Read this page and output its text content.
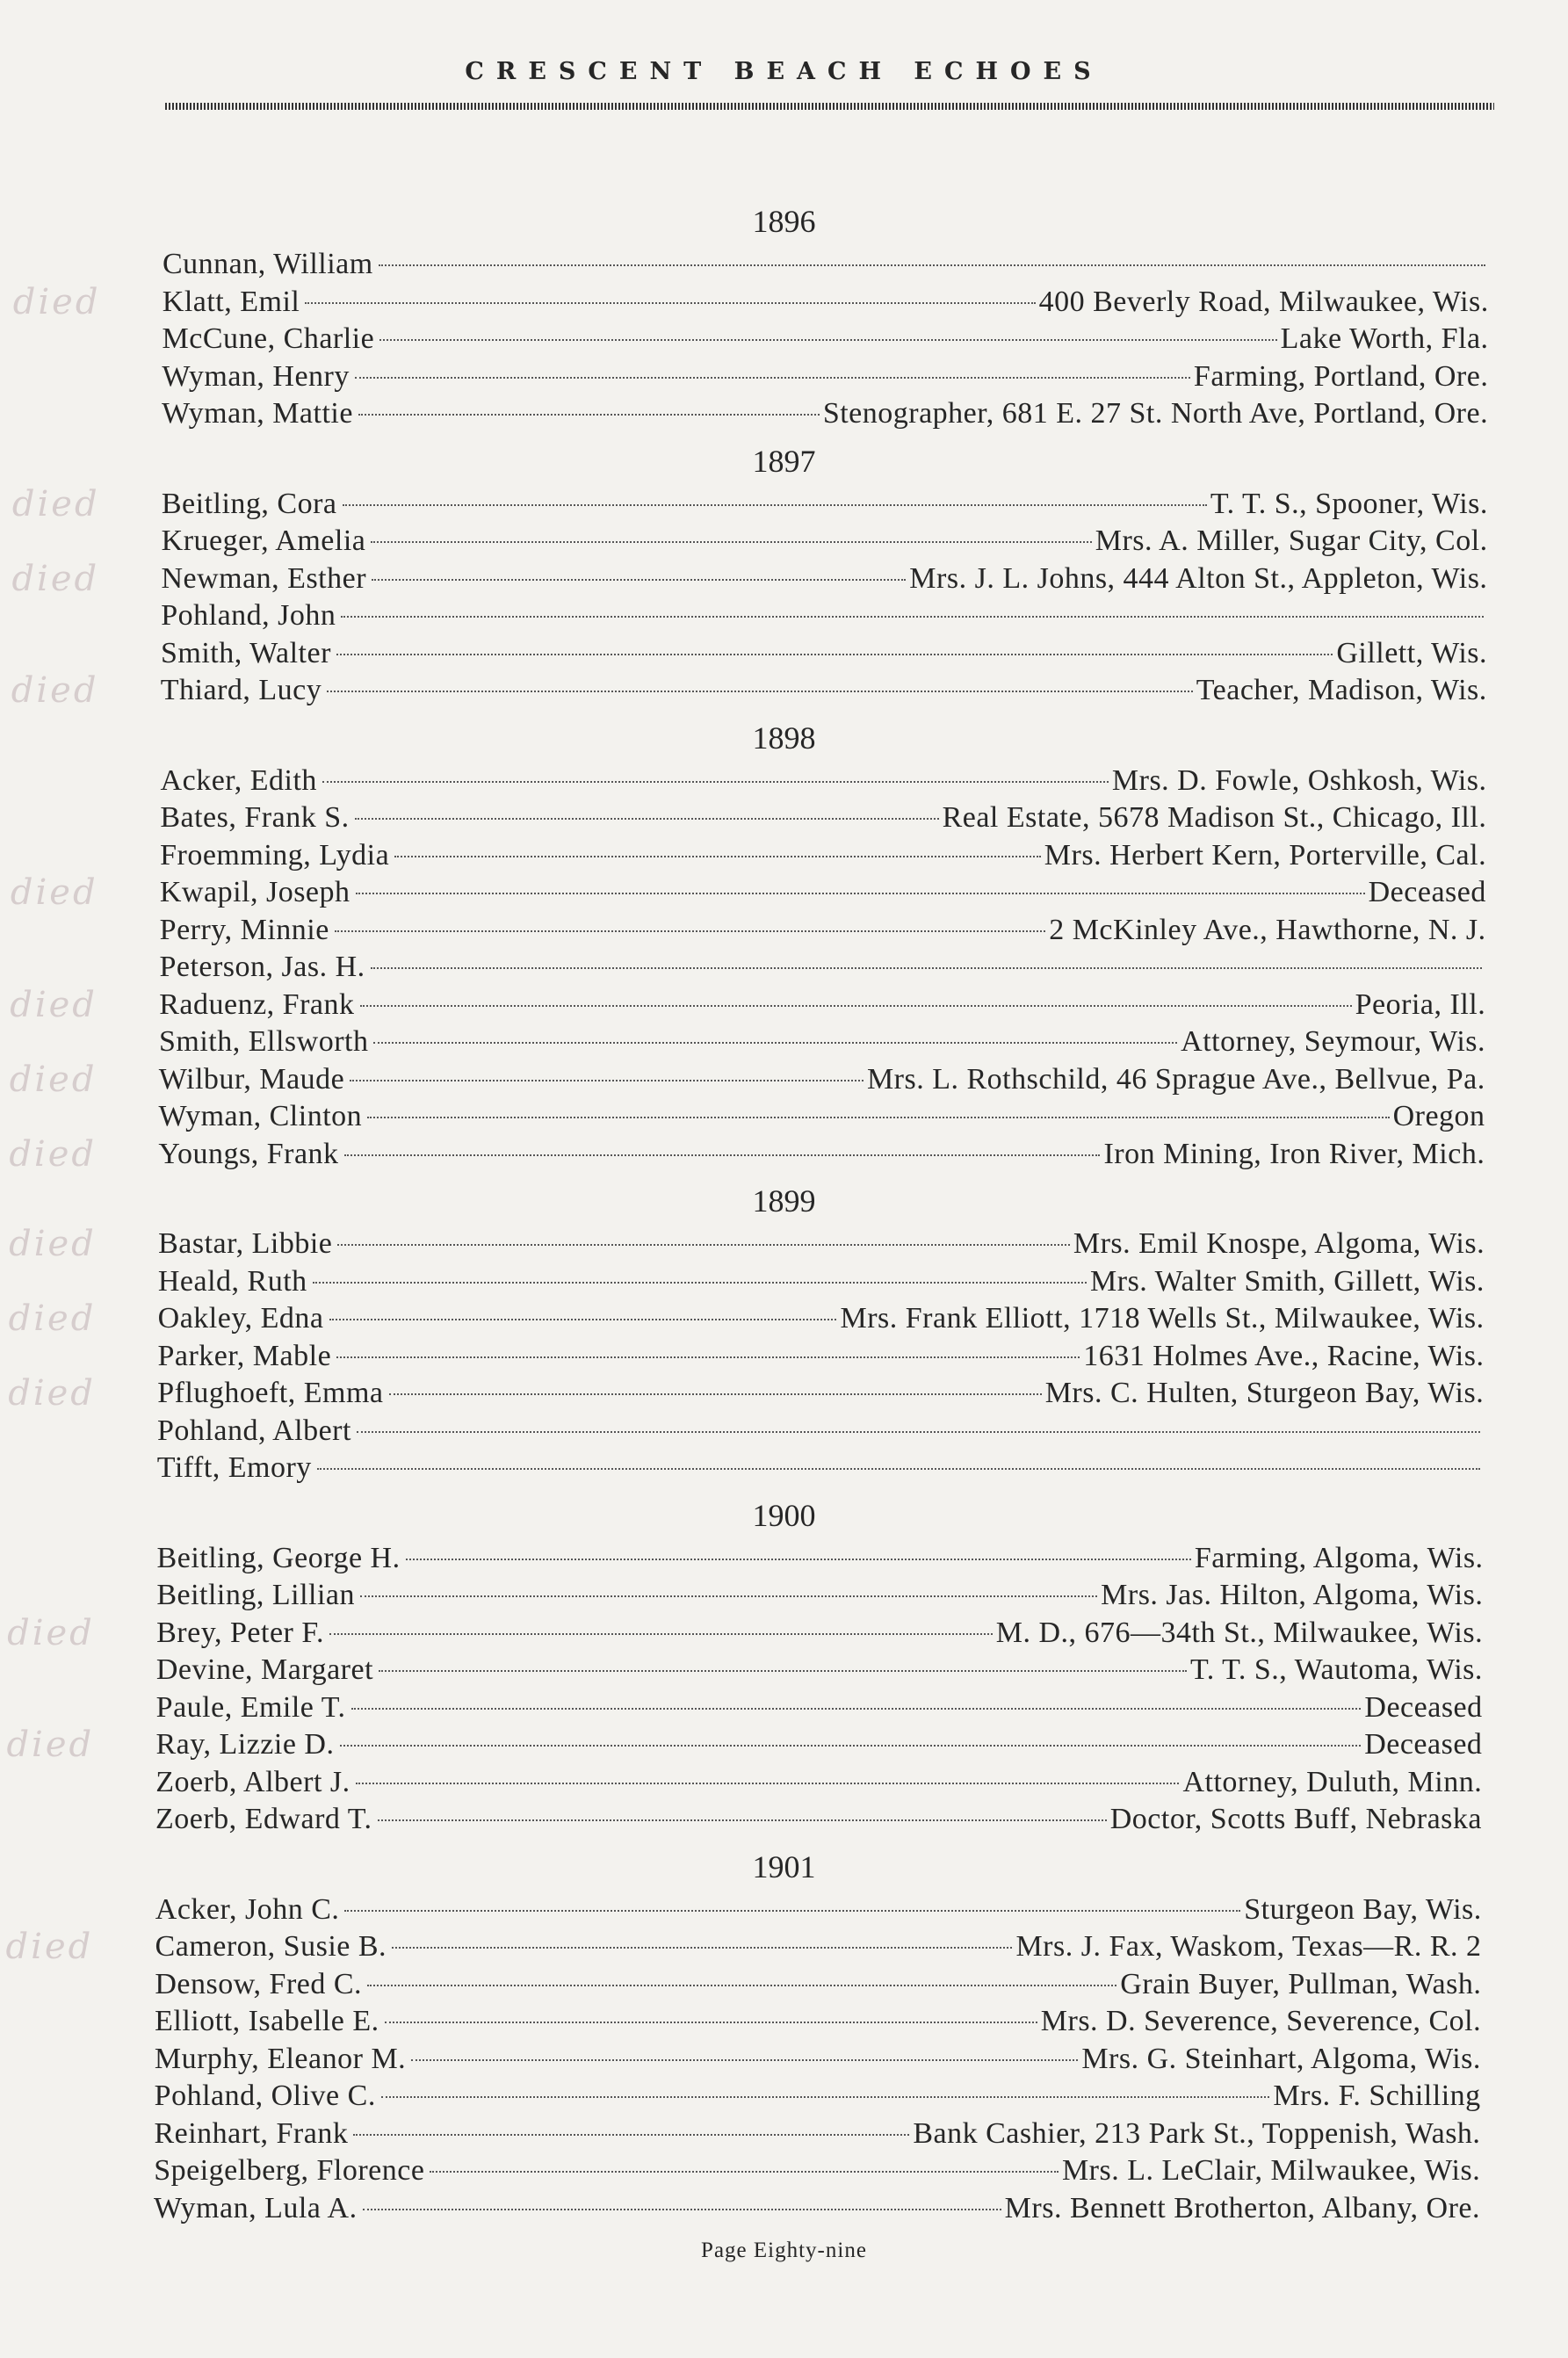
CRESCENT BEACH ECHOES
1896
Cunnan, William
died Klatt, Emil	400 Beverly Road, Milwaukee, Wis.
McCune, Charlie	Lake Worth, Fla.
Wyman, Henry	Farming, Portland, Ore.
Wyman, Mattie	Stenographer, 681 E. 27 St. North Ave, Portland, Ore.
1897
died Beitling, Cora	T. T. S., Spooner, Wis.
Krueger, Amelia	Mrs. A. Miller, Sugar City, Col.
died Newman, Esther	Mrs. J. L. Johns, 444 Alton St., Appleton, Wis.
Pohland, John
Smith, Walter	Gillett, Wis.
died Thiard, Lucy	Teacher, Madison, Wis.
1898
Acker, Edith	Mrs. D. Fowle, Oshkosh, Wis.
Bates, Frank S.	Real Estate, 5678 Madison St., Chicago, Ill.
Froemming, Lydia	Mrs. Herbert Kern, Porterville, Cal.
died Kwapil, Joseph	Deceased
Perry, Minnie	2 McKinley Ave., Hawthorne, N. J.
Peterson, Jas. H.
died Raduenz, Frank	Peoria, Ill.
Smith, Ellsworth	Attorney, Seymour, Wis.
died Wilbur, Maude	Mrs. L. Rothschild, 46 Sprague Ave., Bellvue, Pa.
Wyman, Clinton	Oregon
died Youngs, Frank	Iron Mining, Iron River, Mich.
1899
died Bastar, Libbie	Mrs. Emil Knospe, Algoma, Wis.
Heald, Ruth	Mrs. Walter Smith, Gillett, Wis.
died Oakley, Edna	Mrs. Frank Elliott, 1718 Wells St., Milwaukee, Wis.
Parker, Mable	1631 Holmes Ave., Racine, Wis.
died Pflughoeft, Emma	Mrs. C. Hulten, Sturgeon Bay, Wis.
Pohland, Albert
Tifft, Emory
1900
Beitling, George H.	Farming, Algoma, Wis.
Beitling, Lillian	Mrs. Jas. Hilton, Algoma, Wis.
died Brey, Peter F.	M. D., 676—34th St., Milwaukee, Wis.
Devine, Margaret	T. T. S., Wautoma, Wis.
Paule, Emile T.	Deceased
died Ray, Lizzie D.	Deceased
Zoerb, Albert J.	Attorney, Duluth, Minn.
Zoerb, Edward T.	Doctor, Scotts Buff, Nebraska
1901
Acker, John C.	Sturgeon Bay, Wis.
died Cameron, Susie B.	Mrs. J. Fax, Waskom, Texas—R. R. 2
Densow, Fred C.	Grain Buyer, Pullman, Wash.
Elliott, Isabelle E.	Mrs. D. Severence, Severence, Col.
Murphy, Eleanor M.	Mrs. G. Steinhart, Algoma, Wis.
Pohland, Olive C.	Mrs. F. Schilling
Reinhart, Frank	Bank Cashier, 213 Park St., Toppenish, Wash.
Speigelberg, Florence	Mrs. L. LeClair, Milwaukee, Wis.
Wyman, Lula A.	Mrs. Bennett Brotherton, Albany, Ore.
Page Eighty-nine
